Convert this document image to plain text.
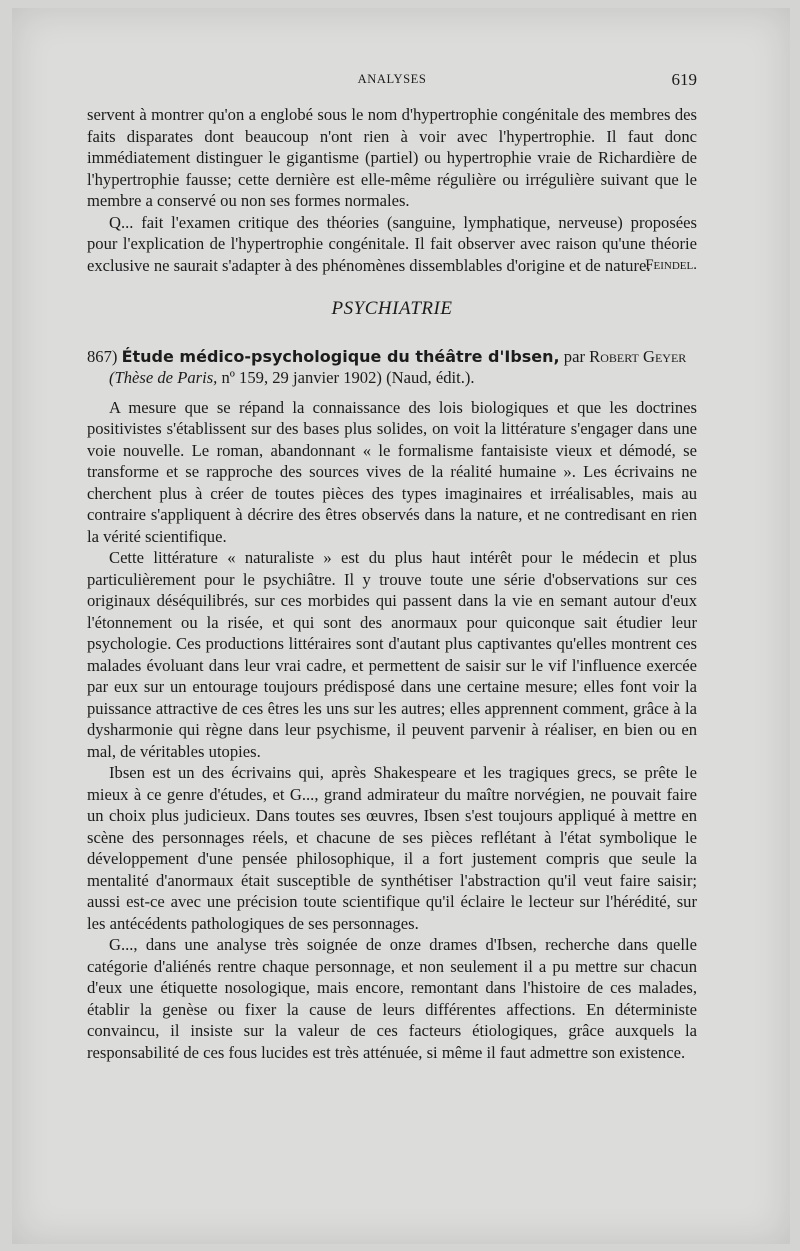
ANALYSES	619

servent à montrer qu'on a englobé sous le nom d'hypertrophie congénitale des membres des faits disparates dont beaucoup n'ont rien à voir avec l'hypertrophie. Il faut donc immédiatement distinguer le gigantisme (partiel) ou hypertrophie vraie de Richardière de l'hypertrophie fausse; cette dernière est elle-même régulière ou irrégulière suivant que le membre a conservé ou non ses formes normales.

Q... fait l'examen critique des théories (sanguine, lymphatique, nerveuse) proposées pour l'explication de l'hypertrophie congénitale. Il fait observer avec raison qu'une théorie exclusive ne saurait s'adapter à des phénomènes dissemblables d'origine et de nature.

Feindel.
PSYCHIATRIE

867) Étude médico-psychologique du théâtre d'Ibsen, par Robert Geyer

(Thèse de Paris, nº 159, 29 janvier 1902) (Naud, édit.).

A mesure que se répand la connaissance des lois biologiques et que les doctrines positivistes s'établissent sur des bases plus solides, on voit la littérature s'engager dans une voie nouvelle. Le roman, abandonnant « le formalisme fantaisiste vieux et démodé, se transforme et se rapproche des sources vives de la réalité humaine ». Les écrivains ne cherchent plus à créer de toutes pièces des types imaginaires et irréalisables, mais au contraire s'appliquent à décrire des êtres observés dans la nature, et ne contredisant en rien la vérité scientifique.

Cette littérature « naturaliste » est du plus haut intérêt pour le médecin et plus particulièrement pour le psychiâtre. Il y trouve toute une série d'observations sur ces originaux déséquilibrés, sur ces morbides qui passent dans la vie en semant autour d'eux l'étonnement ou la risée, et qui sont des anormaux pour quiconque sait étudier leur psychologie. Ces productions littéraires sont d'autant plus captivantes qu'elles montrent ces malades évoluant dans leur vrai cadre, et permettent de saisir sur le vif l'influence exercée par eux sur un entourage toujours prédisposé dans une certaine mesure; elles font voir la puissance attractive de ces êtres les uns sur les autres; elles apprennent comment, grâce à la dysharmonie qui règne dans leur psychisme, il peuvent parvenir à réaliser, en bien ou en mal, de véritables utopies.

Ibsen est un des écrivains qui, après Shakespeare et les tragiques grecs, se prête le mieux à ce genre d'études, et G..., grand admirateur du maître norvégien, ne pouvait faire un choix plus judicieux. Dans toutes ses œuvres, Ibsen s'est toujours appliqué à mettre en scène des personnages réels, et chacune de ses pièces reflétant à l'état symbolique le développement d'une pensée philosophique, il a fort justement compris que seule la mentalité d'anormaux était susceptible de synthétiser l'abstraction qu'il veut faire saisir; aussi est-ce avec une précision toute scientifique qu'il éclaire le lecteur sur l'hérédité, sur les antécédents pathologiques de ses personnages.

G..., dans une analyse très soignée de onze drames d'Ibsen, recherche dans quelle catégorie d'aliénés rentre chaque personnage, et non seulement il a pu mettre sur chacun d'eux une étiquette nosologique, mais encore, remontant dans l'histoire de ces malades, établir la genèse ou fixer la cause de leurs différentes affections. En déterministe convaincu, il insiste sur la valeur de ces facteurs étiologiques, grâce auxquels la responsabilité de ces fous lucides est très atténuée, si même il faut admettre son existence.
